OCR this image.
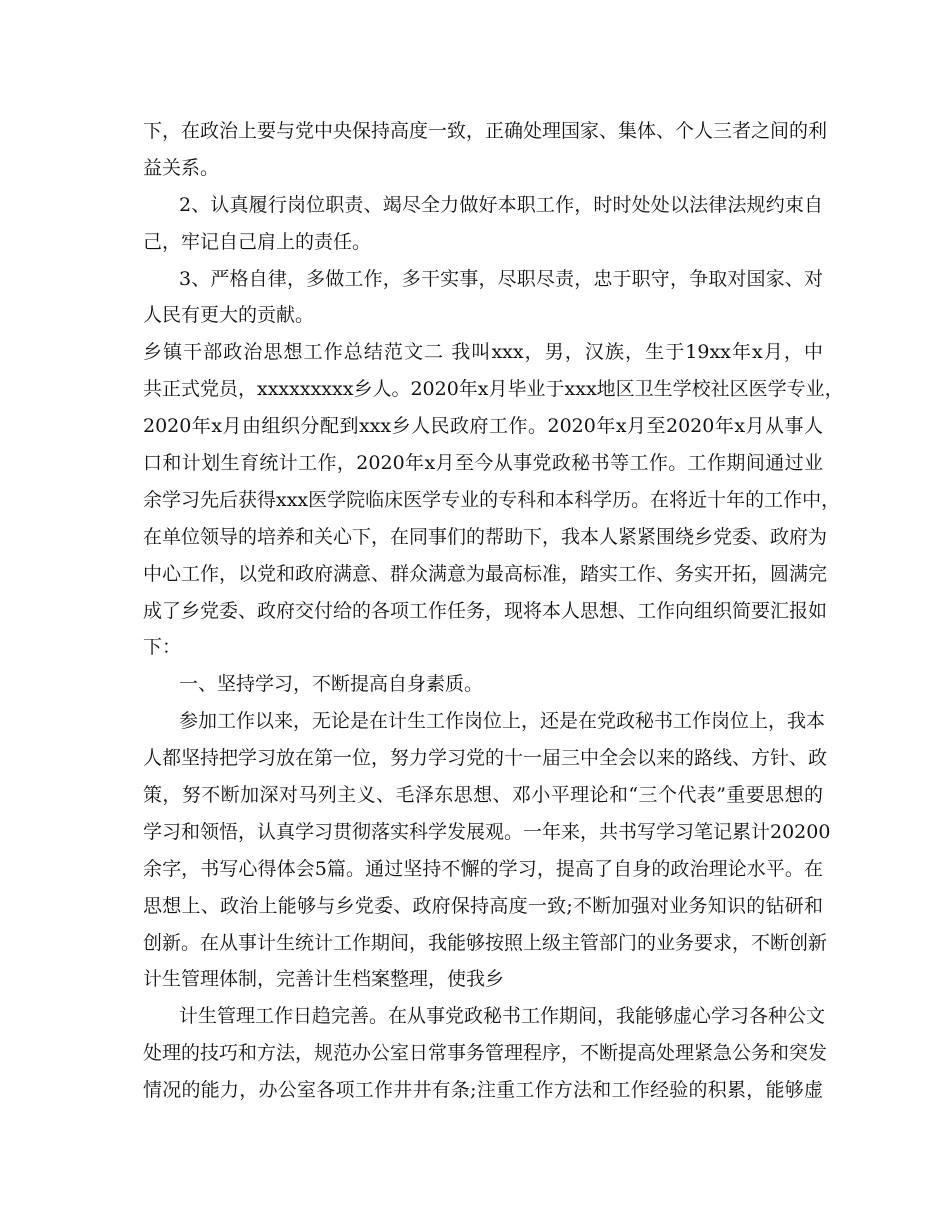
下，在政治上要与党中央保持高度一致，正确处理国家、集体、个人三者之间的利
益关系。
2、认真履行岗位职责、竭尽全力做好本职工作，时时处处以法律法规约束自
己，牢记自己肩上的责任。
3、严格自律，多做工作，多干实事，尽职尽责，忠于职守，争取对国家、对
人民有更大的贡献。
乡镇干部政治思想工作总结范文二 我叫xxx，男，汉族，生于19xx年x月，中
共正式党员，xxxxxxxxx乡人。2020年x月毕业于xxx地区卫生学校社区医学专业，
2020年x月由组织分配到xxx乡人民政府工作。2020年x月至2020年x月从事人
口和计划生育统计工作，2020年x月至今从事党政秘书等工作。工作期间通过业
余学习先后获得xxx医学院临床医学专业的专科和本科学历。在将近十年的工作中，
在单位领导的培养和关心下，在同事们的帮助下，我本人紧紧围绕乡党委、政府为
中心工作，以党和政府满意、群众满意为最高标准，踏实工作、务实开拓，圆满完
成了乡党委、政府交付给的各项工作任务，现将本人思想、工作向组织简要汇报如
下：
一、坚持学习，不断提高自身素质。
参加工作以来，无论是在计生工作岗位上，还是在党政秘书工作岗位上，我本
人都坚持把学习放在第一位，努力学习党的十一届三中全会以来的路线、方针、政
策，努不断加深对马列主义、毛泽东思想、邓小平理论和“三个代表”重要思想的
学习和领悟，认真学习贯彻落实科学发展观。一年来，共书写学习笔记累计20200
余字，书写心得体会5篇。通过坚持不懈的学习，提高了自身的政治理论水平。在
思想上、政治上能够与乡党委、政府保持高度一致;不断加强对业务知识的钻研和
创新。在从事计生统计工作期间，我能够按照上级主管部门的业务要求，不断创新
计生管理体制，完善计生档案整理，使我乡
计生管理工作日趋完善。在从事党政秘书工作期间，我能够虚心学习各种公文
处理的技巧和方法，规范办公室日常事务管理程序，不断提高处理紧急公务和突发
情况的能力，办公室各项工作井井有条;注重工作方法和工作经验的积累，能够虚
